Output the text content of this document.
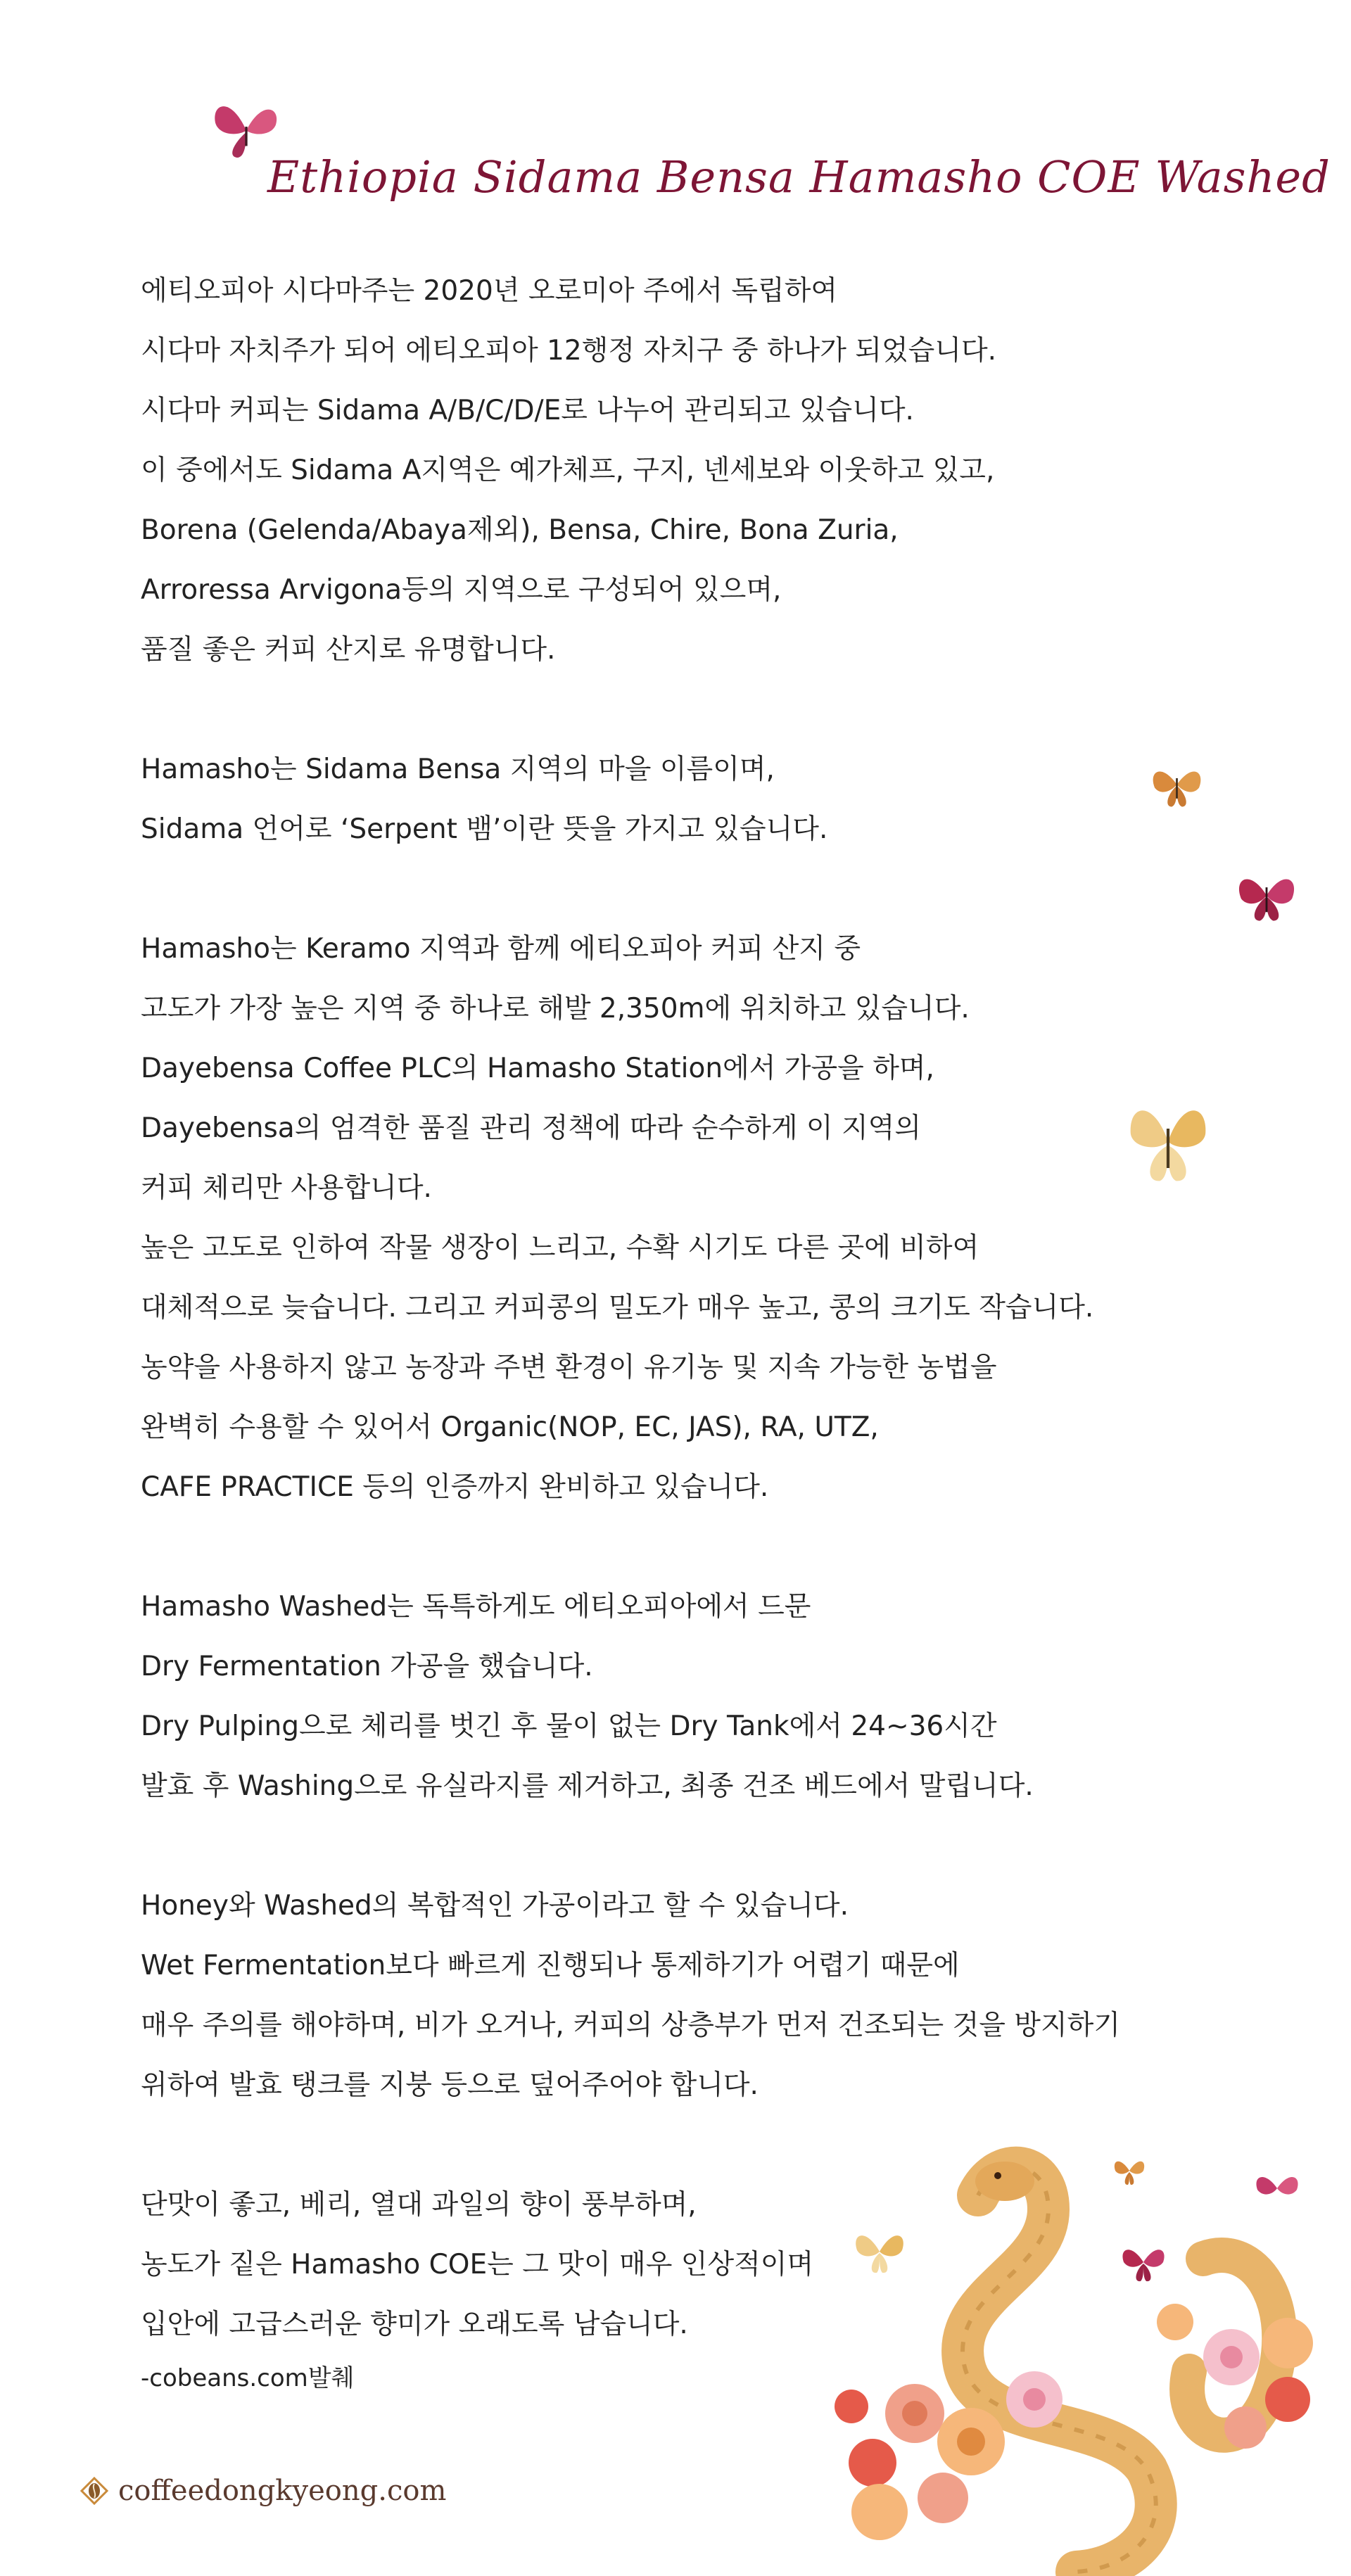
Ethiopia Sidama Bensa Hamasho COE Washed
에티오피아 시다마주는 2020년 오로미아 주에서 독립하여
시다마 자치주가 되어 에티오피아 12행정 자치구 중 하나가 되었습니다.
시다마 커피는 Sidama A/B/C/D/E로 나누어 관리되고 있습니다.
이 중에서도 Sidama A지역은 예가체프, 구지, 넨세보와 이웃하고 있고,
Borena (Gelenda/Abaya제외), Bensa, Chire, Bona Zuria,
Arroressa Arvigona등의 지역으로 구성되어 있으며,
품질 좋은 커피 산지로 유명합니다.
Hamasho는 Sidama Bensa 지역의 마을 이름이며,
Sidama 언어로 ‘Serpent 뱀’이란 뜻을 가지고 있습니다.
Hamasho는 Keramo 지역과 함께 에티오피아 커피 산지 중
고도가 가장 높은 지역 중 하나로 해발 2,350m에 위치하고 있습니다.
Dayebensa Coffee PLC의 Hamasho Station에서 가공을 하며,
Dayebensa의 엄격한 품질 관리 정책에 따라 순수하게 이 지역의
커피 체리만 사용합니다.
높은 고도로 인하여 작물 생장이 느리고, 수확 시기도 다른 곳에 비하여
대체적으로 늦습니다. 그리고 커피콩의 밀도가 매우 높고, 콩의 크기도 작습니다.
농약을 사용하지 않고 농장과 주변 환경이 유기농 및 지속 가능한 농법을
완벽히 수용할 수 있어서 Organic(NOP, EC, JAS), RA, UTZ,
CAFE PRACTICE 등의 인증까지 완비하고 있습니다.
Hamasho Washed는 독특하게도 에티오피아에서 드문
Dry Fermentation 가공을 했습니다.
Dry Pulping으로 체리를 벗긴 후 물이 없는 Dry Tank에서 24~36시간
발효 후 Washing으로 유실라지를 제거하고, 최종 건조 베드에서 말립니다.
Honey와 Washed의 복합적인 가공이라고 할 수 있습니다.
Wet Fermentation보다 빠르게 진행되나 통제하기가 어렵기 때문에
매우 주의를 해야하며, 비가 오거나, 커피의 상층부가 먼저 건조되는 것을 방지하기
위하여 발효 탱크를 지붕 등으로 덮어주어야 합니다.
단맛이 좋고, 베리, 열대 과일의 향이 풍부하며,
농도가 짙은 Hamasho COE는 그 맛이 매우 인상적이며
입안에 고급스러운 향미가 오래도록 남습니다.
-cobeans.com발췌
coffeedongkyeong.com
